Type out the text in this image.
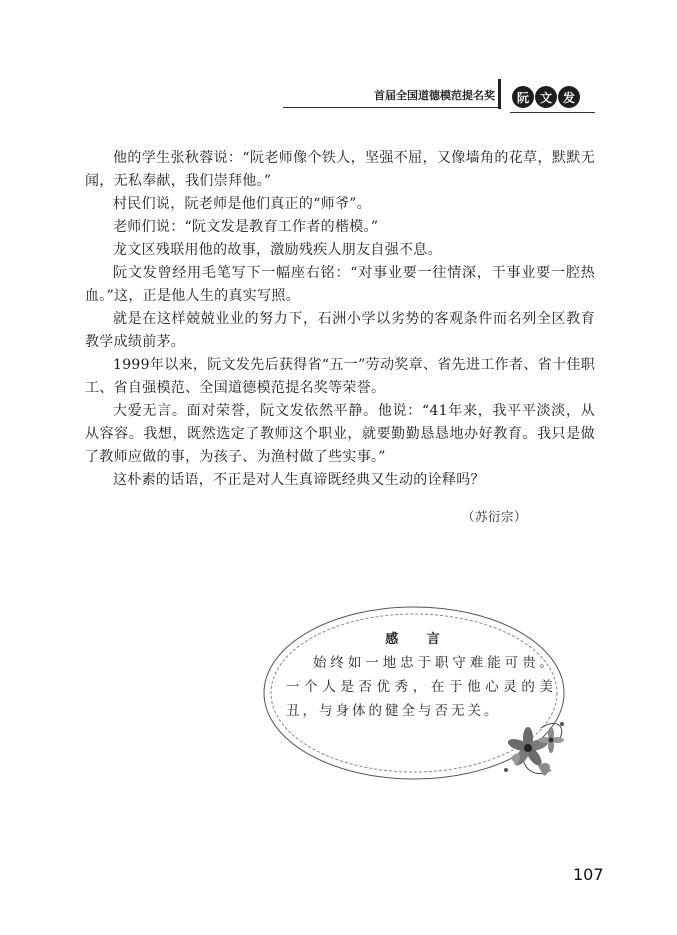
首届全国道德模范提名奖	阮 文 发

他的学生张秋蓉说：“阮老师像个铁人，坚强不屈，又像墙角的花草，默默无闻，无私奉献，我们崇拜他。”

村民们说，阮老师是他们真正的“师爷”。

老师们说：“阮文发是教育工作者的楷模。”

龙文区残联用他的故事，激励残疾人朋友自强不息。

阮文发曾经用毛笔写下一幅座右铭：“对事业要一往情深，干事业要一腔热血。”这，正是他人生的真实写照。

就是在这样兢兢业业的努力下，石洲小学以劣势的客观条件而名列全区教育教学成绩前茅。

1999年以来，阮文发先后获得省“五一”劳动奖章、省先进工作者、省十佳职工、省自强模范、全国道德模范提名奖等荣誉。

大爱无言。面对荣誉，阮文发依然平静。他说：“41年来，我平平淡淡，从从容容。我想，既然选定了教师这个职业，就要勤勤恳恳地办好教育。我只是做了教师应做的事，为孩子、为渔村做了些实事。”

这朴素的话语，不正是对人生真谛既经典又生动的诠释吗？

（苏衍宗）
感 言
始终如一地忠于职守难能可贵。一个人是否优秀，在于他心灵的美丑，与身体的健全与否无关。
107
